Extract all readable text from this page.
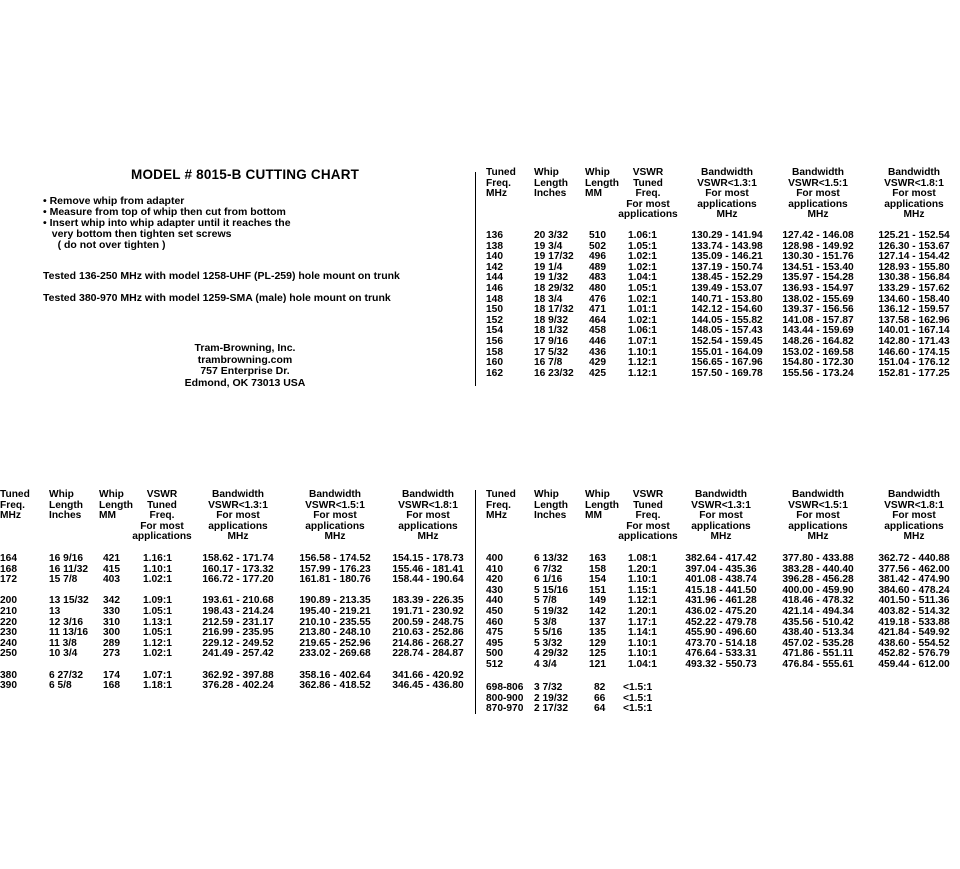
MODEL # 8015-B CUTTING CHART
• Remove whip from adapter
• Measure from top of whip then cut from bottom
• Insert whip into whip adapter until it reaches the
very bottom then tighten set screws
( do not over tighten )
Tested 136-250 MHz with model 1258-UHF (PL-259) hole mount on trunk
Tested 380-970 MHz with model 1259-SMA (male) hole mount on trunk
Tram-Browning, Inc.
trambrowning.com
757 Enterprise Dr.
Edmond, OK 73013 USA
Tuned
Freq.
MHz
Whip
Length
Inches
Whip
Length
MM
VSWR
Tuned
Freq.
For most
applications
Bandwidth
VSWR<1.3:1
For most
applications
MHz
Bandwidth
VSWR<1.5:1
For most
applications
MHz
Bandwidth
VSWR<1.8:1
For most
applications
MHz
136
138
140
142
144
146
148
150
152
154
156
158
160
162
20 3/32
19 3/4
19 17/32
19 1/4
19 1/32
18 29/32
18 3/4
18 17/32
18 9/32
18 1/32
17 9/16
17 5/32
16 7/8
16 23/32
510
502
496
489
483
480
476
471
464
458
446
436
429
425
1.06:1
1.05:1
1.02:1
1.02:1
1.04:1
1.05:1
1.02:1
1.01:1
1.02:1
1.06:1
1.07:1
1.10:1
1.12:1
1.12:1
130.29 - 141.94
133.74 - 143.98
135.09 - 146.21
137.19 - 150.74
138.45 - 152.29
139.49 - 153.07
140.71 - 153.80
142.12 - 154.60
144.05 - 155.82
148.05 - 157.43
152.54 - 159.45
155.01 - 164.09
156.65 - 167.96
157.50 - 169.78
127.42 - 146.08
128.98 - 149.92
130.30 - 151.76
134.51 - 153.40
135.97 - 154.28
136.93 - 154.97
138.02 - 155.69
139.37 - 156.56
141.08 - 157.87
143.44 - 159.69
148.26 - 164.82
153.02 - 169.58
154.80 - 172.30
155.56 - 173.24
125.21 - 152.54
126.30 - 153.67
127.14 - 154.42
128.93 - 155.80
130.38 - 156.84
133.29 - 157.62
134.60 - 158.40
136.12 - 159.57
137.58 - 162.96
140.01 - 167.14
142.80 - 171.43
146.60 - 174.15
151.04 - 176.12
152.81 - 177.25
Tuned
Freq.
MHz
Whip
Length
Inches
Whip
Length
MM
VSWR
Tuned
Freq.
For most
applications
Bandwidth
VSWR<1.3:1
For most
applications
MHz
Bandwidth
VSWR<1.5:1
For most
applications
MHz
Bandwidth
VSWR<1.8:1
For most
applications
MHz
164
168
172
200
210
220
230
240
250
380
390
16 9/16
16 11/32
15 7/8
13 15/32
13
12 3/16
11 13/16
11 3/8
10 3/4
6 27/32
6 5/8
421
415
403
342
330
310
300
289
273
174
168
1.16:1
1.10:1
1.02:1
1.09:1
1.05:1
1.13:1
1.05:1
1.12:1
1.02:1
1.07:1
1.18:1
158.62 - 171.74
160.17 - 173.32
166.72 - 177.20
193.61 - 210.68
198.43 - 214.24
212.59 - 231.17
216.99 - 235.95
229.12 - 249.52
241.49 - 257.42
362.92 - 397.88
376.28 - 402.24
156.58 - 174.52
157.99 - 176.23
161.81 - 180.76
190.89 - 213.35
195.40 - 219.21
210.10 - 235.55
213.80 - 248.10
219.65 - 252.96
233.02 - 269.68
358.16 - 402.64
362.86 - 418.52
154.15 - 178.73
155.46 - 181.41
158.44 - 190.64
183.39 - 226.35
191.71 - 230.92
200.59 - 248.75
210.63 - 252.86
214.86 - 268.27
228.74 - 284.87
341.66 - 420.92
346.45 - 436.80
Tuned
Freq.
MHz
Whip
Length
Inches
Whip
Length
MM
VSWR
Tuned
Freq.
For most
applications
Bandwidth
VSWR<1.3:1
For most
applications
MHz
Bandwidth
VSWR<1.5:1
For most
applications
MHz
Bandwidth
VSWR<1.8:1
For most
applications
MHz
400
410
420
430
440
450
460
475
495
500
512
6 13/32
6 7/32
6 1/16
5 15/16
5 7/8
5 19/32
5 3/8
5 5/16
5 3/32
4 29/32
4 3/4
163
158
154
151
149
142
137
135
129
125
121
1.08:1
1.20:1
1.10:1
1.15:1
1.12:1
1.20:1
1.17:1
1.14:1
1.10:1
1.10:1
1.04:1
382.64 - 417.42
397.04 - 435.36
401.08 - 438.74
415.18 - 441.50
431.96 - 461.28
436.02 - 475.20
452.22 - 479.78
455.90 - 496.60
473.70 - 514.18
476.64 - 533.31
493.32 - 550.73
377.80 - 433.88
383.28 - 440.40
396.28 - 456.28
400.00 - 459.90
418.46 - 478.32
421.14 - 494.34
435.56 - 510.42
438.40 - 513.34
457.02 - 535.28
471.86 - 551.11
476.84 - 555.61
362.72 - 440.88
377.56 - 462.00
381.42 - 474.90
384.60 - 478.24
401.50 - 511.36
403.82 - 514.32
419.18 - 533.88
421.84 - 549.92
438.60 - 554.52
452.82 - 576.79
459.44 - 612.00
698-806
800-900
870-970
3 7/32
2 19/32
2 17/32
82
66
64
<1.5:1
<1.5:1
<1.5:1
